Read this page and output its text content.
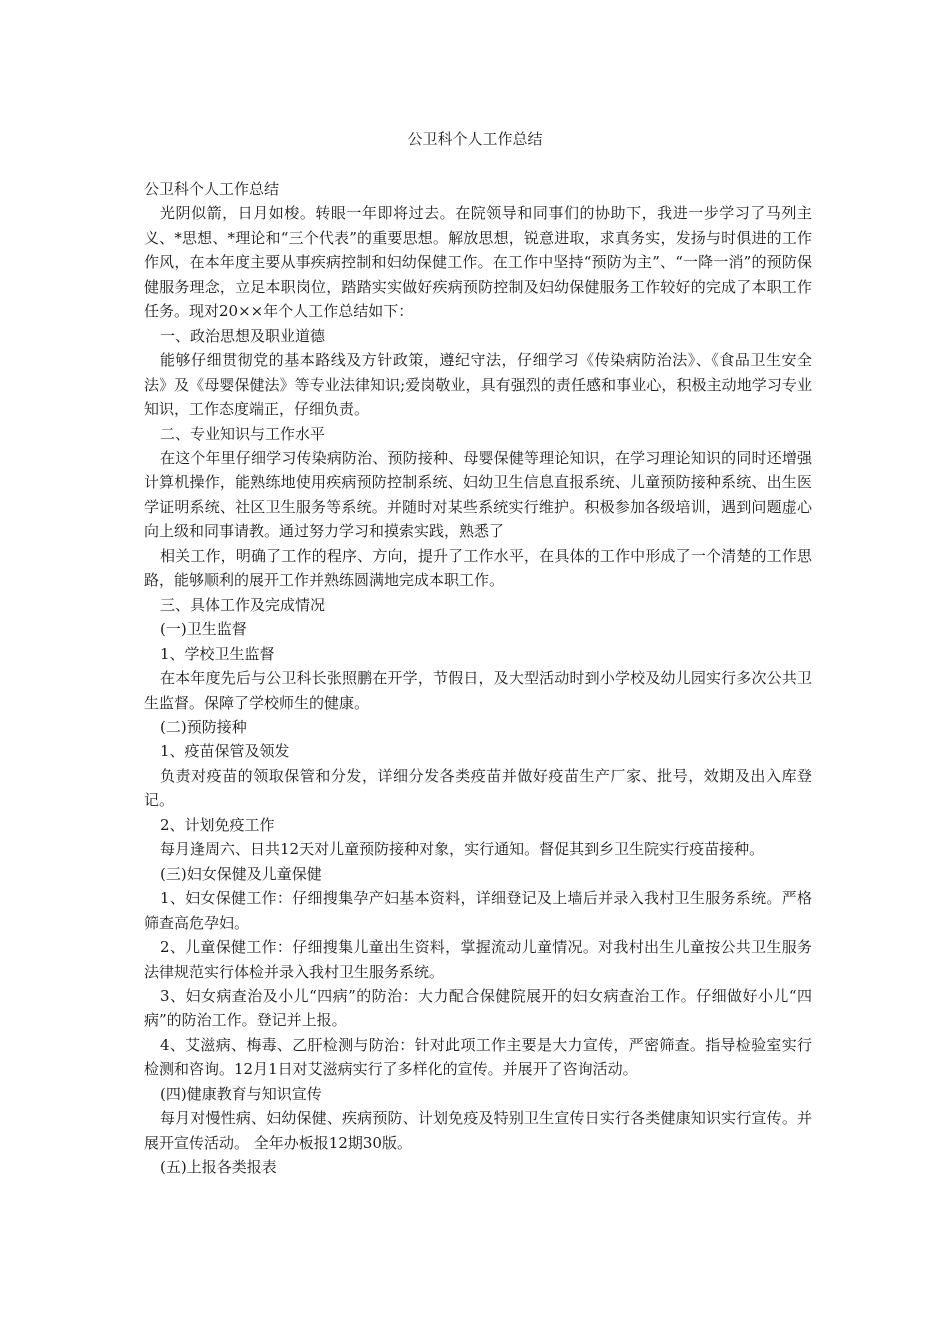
公卫科个人工作总结

公卫科个人工作总结

光阴似箭，日月如梭。转眼一年即将过去。在院领导和同事们的协助下，我进一步学习了马列主义、*思想、*理论和“三个代表”的重要思想。解放思想，锐意进取，求真务实，发扬与时俱进的工作作风，在本年度主要从事疾病控制和妇幼保健工作。在工作中坚持“预防为主”、“一降一消”的预防保健服务理念，立足本职岗位，踏踏实实做好疾病预防控制及妇幼保健服务工作较好的完成了本职工作任务。现对20××年个人工作总结如下：

一、政治思想及职业道德

能够仔细贯彻党的基本路线及方针政策，遵纪守法，仔细学习《传染病防治法》、《食品卫生安全法》及《母婴保健法》等专业法律知识;爱岗敬业，具有强烈的责任感和事业心，积极主动地学习专业知识，工作态度端正，仔细负责。

二、专业知识与工作水平

在这个年里仔细学习传染病防治、预防接种、母婴保健等理论知识，在学习理论知识的同时还增强计算机操作，能熟练地使用疾病预防控制系统、妇幼卫生信息直报系统、儿童预防接种系统、出生医学证明系统、社区卫生服务等系统。并随时对某些系统实行维护。积极参加各级培训，遇到问题虚心向上级和同事请教。通过努力学习和摸索实践，熟悉了

相关工作，明确了工作的程序、方向，提升了工作水平，在具体的工作中形成了一个清楚的工作思路，能够顺利的展开工作并熟练圆满地完成本职工作。

三、具体工作及完成情况

(一)卫生监督

1、学校卫生监督

在本年度先后与公卫科长张照鹏在开学，节假日，及大型活动时到小学校及幼儿园实行多次公共卫生监督。保障了学校师生的健康。

(二)预防接种

1、疫苗保管及领发

负责对疫苗的领取保管和分发，详细分发各类疫苗并做好疫苗生产厂家、批号，效期及出入库登记。

2、计划免疫工作

每月逢周六、日共12天对儿童预防接种对象，实行通知。督促其到乡卫生院实行疫苗接种。

(三)妇女保健及儿童保健

1、妇女保健工作：仔细搜集孕产妇基本资料，详细登记及上墙后并录入我村卫生服务系统。严格筛查高危孕妇。

2、儿童保健工作：仔细搜集儿童出生资料，掌握流动儿童情况。对我村出生儿童按公共卫生服务法律规范实行体检并录入我村卫生服务系统。

3、妇女病查治及小儿“四病”的防治：大力配合保健院展开的妇女病查治工作。仔细做好小儿“四病”的防治工作。登记并上报。

4、艾滋病、梅毒、乙肝检测与防治：针对此项工作主要是大力宣传，严密筛查。指导检验室实行检测和咨询。12月1日对艾滋病实行了多样化的宣传。并展开了咨询活动。

(四)健康教育与知识宣传

每月对慢性病、妇幼保健、疾病预防、计划免疫及特别卫生宣传日实行各类健康知识实行宣传。并展开宣传活动。 全年办板报12期30版。

(五)上报各类报表
